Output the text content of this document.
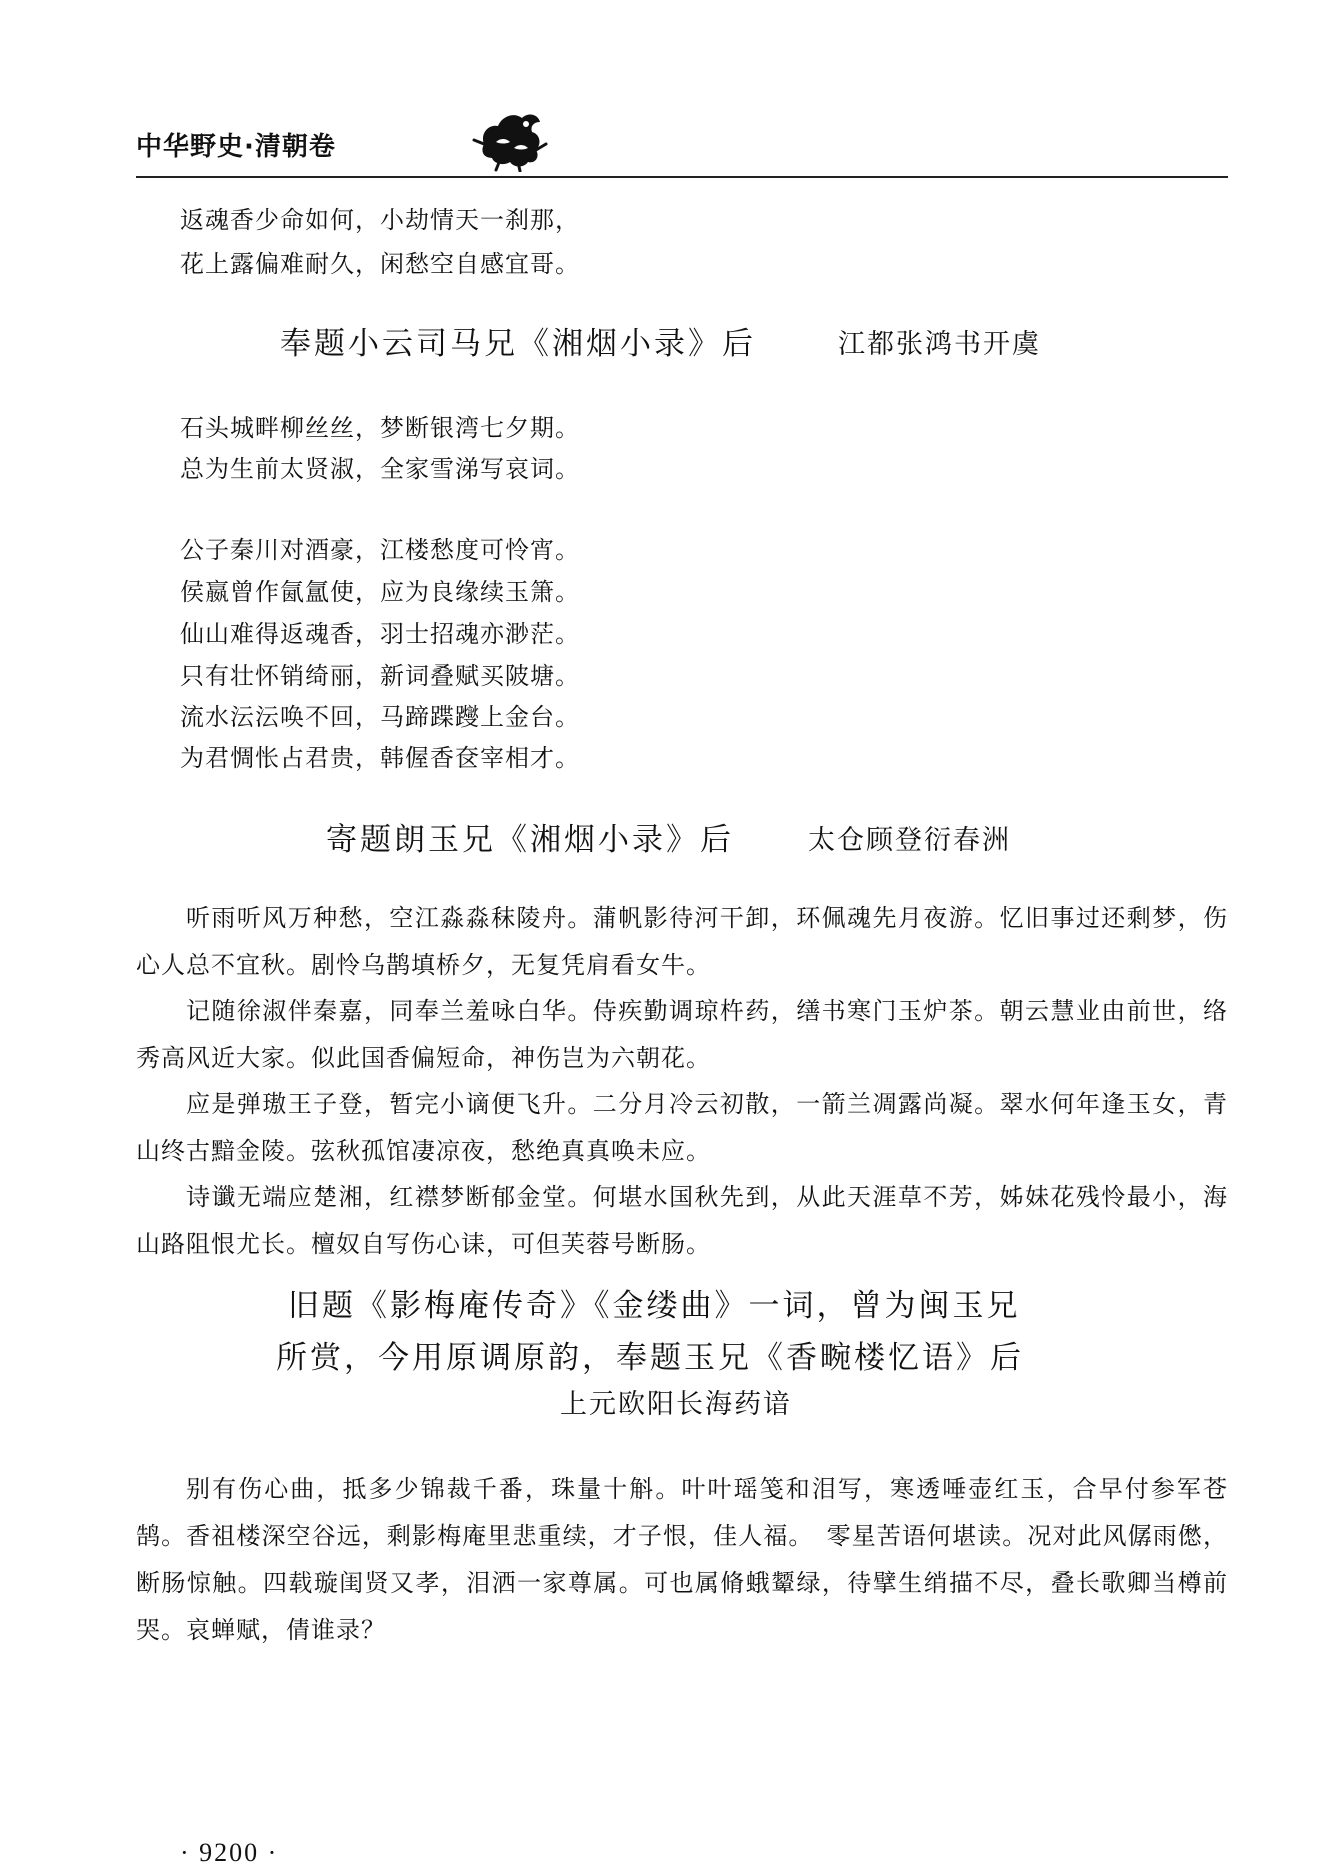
中华野史·清朝卷
返魂香少命如何，小劫情天一刹那，
花上露偏难耐久，闲愁空自感宜哥。
奉题小云司马兄《湘烟小录》后	江都张鸿书开虞
石头城畔柳丝丝，梦断银湾七夕期。
总为生前太贤淑，全家雪涕写哀词。
公子秦川对酒豪，江楼愁度可怜宵。
侯嬴曾作氤氲使，应为良缘续玉箫。
仙山难得返魂香，羽士招魂亦渺茫。
只有壮怀销绮丽，新词叠赋买陂塘。
流水沄沄唤不回，马蹄蹀躞上金台。
为君惆怅占君贵，韩偓香奁宰相才。
寄题朗玉兄《湘烟小录》后	太仓顾登衍春洲
听雨听风万种愁，空江淼淼秣陵舟。蒲帆影待河干卸，环佩魂先月夜游。忆旧事过还剩梦，伤心人总不宜秋。剧怜乌鹊填桥夕，无复凭肩看女牛。
记随徐淑伴秦嘉，同奉兰羞咏白华。侍疾勤调琼杵药，缮书寒门玉炉茶。朝云慧业由前世，络秀高风近大家。似此国香偏短命，神伤岂为六朝花。
应是弹璈王子登，暂完小谪便飞升。二分月冷云初散，一箭兰凋露尚凝。翠水何年逢玉女，青山终古黯金陵。弦秋孤馆凄凉夜，愁绝真真唤未应。
诗谶无端应楚湘，红襟梦断郁金堂。何堪水国秋先到，从此天涯草不芳，姊妹花残怜最小，海山路阻恨尤长。檀奴自写伤心诔，可但芙蓉号断肠。
旧题《影梅庵传奇》《金缕曲》一词，曾为闽玉兄
所赏，今用原调原韵，奉题玉兄《香畹楼忆语》后
上元欧阳长海药谙
别有伤心曲，抵多少锦裁千番，珠量十斛。叶叶瑶笺和泪写，寒透唾壶红玉，合早付参军苍鹄。香祖楼深空谷远，剩影梅庵里悲重续，才子恨，佳人福。　零星苦语何堪读。况对此风僝雨僽，断肠惊触。四载璇闺贤又孝，泪洒一家尊属。可也属脩蛾颦绿，待擘生绡描不尽，叠长歌卿当樽前哭。哀蝉赋，倩谁录？
· 9200 ·
